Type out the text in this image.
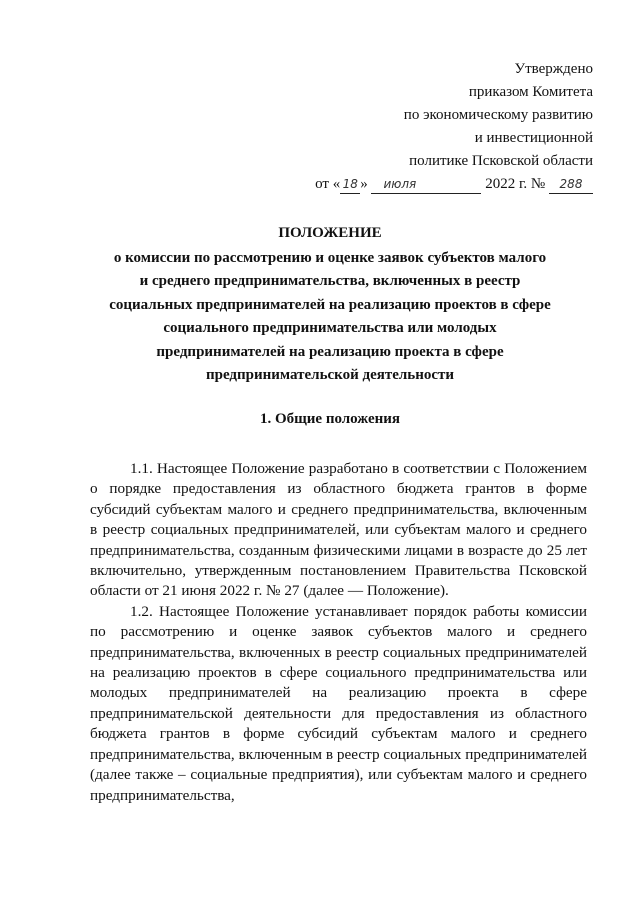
Утверждено
приказом Комитета
по экономическому развитию
и инвестиционной
политике Псковской области
от « 18 » июля	2022 г. № 288
ПОЛОЖЕНИЕ
о комиссии по рассмотрению и оценке заявок субъектов малого
и среднего предпринимательства, включенных в реестр
социальных предпринимателей на реализацию проектов в сфере
социального предпринимательства или молодых
предпринимателей на реализацию проекта в сфере
предпринимательской деятельности
1. Общие положения

1.1. Настоящее Положение разработано в соответствии с Положением о порядке предоставления из областного бюджета грантов в форме субсидий субъектам малого и среднего предпринимательства, включенным в реестр социальных предпринимателей, или субъектам малого и среднего предпринимательства, созданным физическими лицами в возрасте до 25 лет включительно, утвержденным постановлением Правительства Псковской области от 21 июня 2022 г. № 27 (далее — Положение).

1.2. Настоящее Положение устанавливает порядок работы комиссии по рассмотрению и оценке заявок субъектов малого и среднего предпринимательства, включенных в реестр социальных предпринимателей на реализацию проектов в сфере социального предпринимательства или молодых предпринимателей на реализацию проекта в сфере предпринимательской деятельности для предоставления из областного бюджета грантов в форме субсидий субъектам малого и среднего предпринимательства, включенным в реестр социальных предпринимателей (далее также – социальные предприятия), или субъектам малого и среднего предпринимательства,
